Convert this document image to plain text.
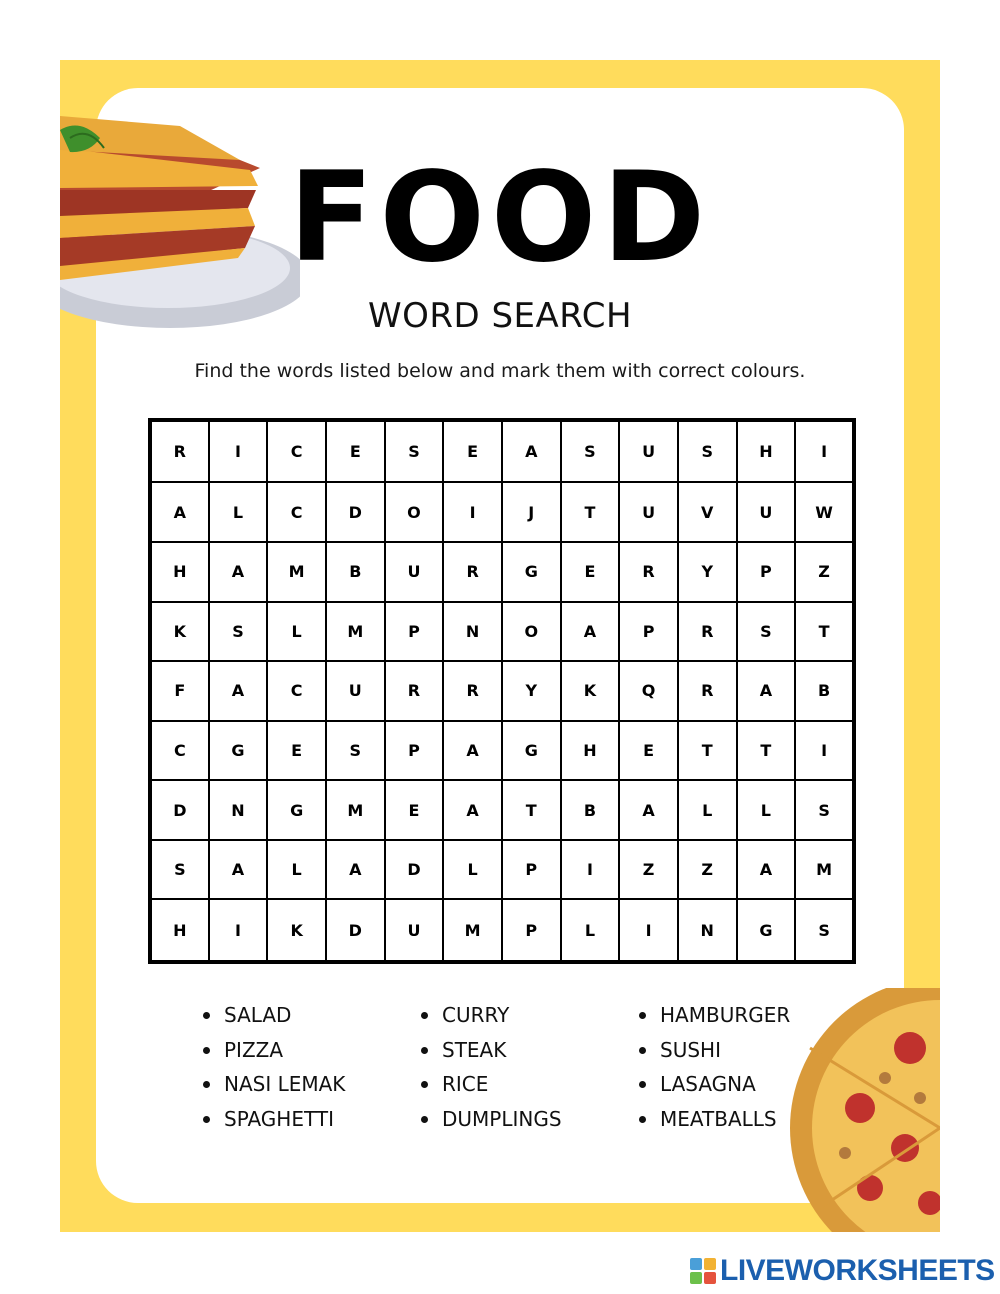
FOOD
WORD SEARCH
Find the words listed below and mark them with correct colours.
R	I	C	E	S	E	A	S	U	S	H	I
A	L	C	D	O	I	J	T	U	V	U	W
H	A	M	B	U	R	G	E	R	Y	P	Z
K	S	L	M	P	N	O	A	P	R	S	T
F	A	C	U	R	R	Y	K	Q	R	A	B
C	G	E	S	P	A	G	H	E	T	T	I
D	N	G	M	E	A	T	B	A	L	L	S
S	A	L	A	D	L	P	I	Z	Z	A	M
H	I	K	D	U	M	P	L	I	N	G	S
SALAD
PIZZA
NASI LEMAK
SPAGHETTI
CURRY
STEAK
RICE
DUMPLINGS
HAMBURGER
SUSHI
LASAGNA
MEATBALLS
LIVEWORKSHEETS
